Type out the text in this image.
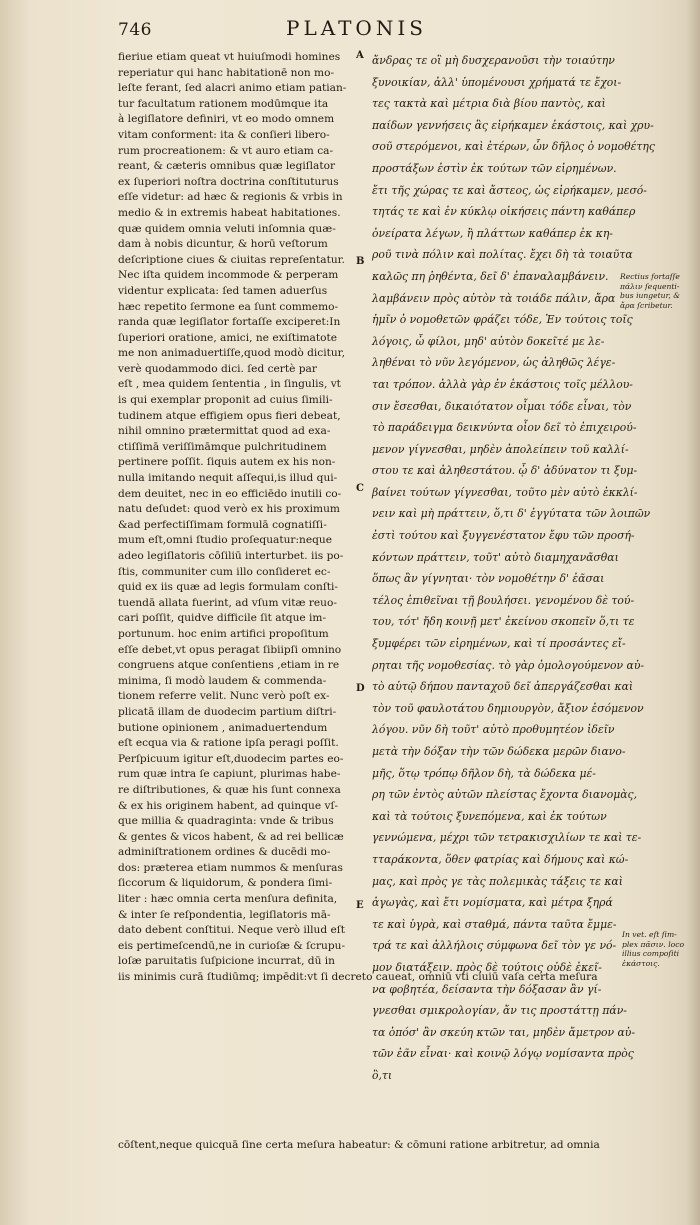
746	PLATONIS
fieriue etiam queat vt huiuſmodi homines
reperiatur qui hanc habitationē non mo-
leſte ferant, ſed alacri animo etiam patian-
tur facultatum rationem modūmque ita
à legiſlatore definiri, vt eo modo omnem
vitam conforment: ita & conſieri libero-
rum procreationem: & vt auro etiam ca-
reant, & cæteris omnibus quæ legiſlator
ex ſuperiori noſtra doctrina conſtituturus
eſſe videtur: ad hæc & regionis & vrbis in
medio & in extremis habeat habitationes.
quæ quidem omnia veluti inſomnia quæ-
dam à nobis dicuntur, & horū veſtorum
deſcriptione ciues & ciuitas repreſentatur.
Nec iſta quidem incommode & perperam
videntur explicata: ſed tamen aduerſus
hæc repetito ſermone ea ſunt commemo-
randa quæ legiſlator fortaſſe exciperet:In
ſuperiori oratione, amici, ne exiſtimatote
me non animaduertiſſe,quod modò dicitur,
verè quodammodo dici. ſed certè par
eſt , mea quidem ſententia , in ſingulis, vt
is qui exemplar proponit ad cuius ſimili-
tudinem atque effigiem opus fieri debeat,
nihil omnino prætermittat quod ad exa-
ctiſſimā veriſſimāmque pulchritudinem
pertinere poſſit. ſiquis autem ex his non-
nulla imitando nequit aſſequi,is illud qui-
dem deuitet, nec in eo efficiēdo inutili co-
natu deſudet: quod verò ex his proximum
&ad perfectiſſimam formulā cognatiſſi-
mum eſt,omni ſtudio proſequatur:neque
adeo legiſlatoris cōſiliū interturbet. iis po-
ſtis, communiter cum illo conſideret ec-
quid ex iis quæ ad legis formulam conſti-
tuendā allata fuerint, ad vſum vitæ reuo-
cari poſſit, quidve difficile ſit atque im-
portunum. hoc enim artifici propoſitum
eſſe debet,vt opus peragat ſibiipſi omnino
congruens atque conſentiens ,etiam in re
minima, ſi modò laudem & commenda-
tionem referre velit. Nunc verò poſt ex-
plicatā illam de duodecim partium diſtri-
butione opinionem , animaduertendum
eſt ecqua via & ratione ipſa peragi poſſit.
Perſpicuum igitur eſt,duodecim partes eo-
rum quæ intra ſe capiunt, plurimas habe-
re diſtributiones, & quæ his ſunt connexa
& ex his originem habent, ad quinque vſ-
que millia & quadraginta: vnde & tribus
& gentes & vicos habent, & ad rei bellicæ
adminiſtrationem ordines & ducēdi mo-
dos: præterea etiam nummos & menſuras
ſiccorum & liquidorum, & pondera ſimi-
liter : hæc omnia certa menſura definita,
& inter ſe reſpondentia, legiſlatoris mā-
dato debent conſtitui. Neque verò illud eſt
eis pertimeſcendū,ne in curioſæ & ſcrupu-
loſæ paruitatis ſuſpicione incurrat, dū in
iis minimis curā ſtudiūmq; impēdit:vt ſi decreto caueat, omniū vti ciuiū vaſa certa meſura
A
B
C
D
E
ἄνδρας τε οἳ μὴ δυσχερανοῦσι τὴν τοιαύτην
ξυνοικίαν, ἀλλ' ὑπομένουσι χρήματά τε ἔχοι-
τες τακτὰ καὶ μέτρια διὰ βίου παντὸς, καὶ
παίδων γεννήσεις ἃς εἰρήκαμεν ἑκάστοις, καὶ χρυ-
σοῦ στερόμενοι, καὶ ἑτέρων, ὧν δῆλος ὁ νομοθέτης
προστάξων ἐστὶν ἐκ τούτων τῶν εἰρημένων.
ἔτι τῆς χώρας τε καὶ ἄστεος, ὡς εἰρήκαμεν, μεσό-
τητάς τε καὶ ἐν κύκλῳ οἰκήσεις πάντη καθάπερ
ὀνείρατα λέγων, ἢ πλάττων καθάπερ ἐκ κη-
ροῦ τινὰ πόλιν καὶ πολίτας. ἔχει δὴ τὰ τοιαῦτα
καλῶς πη ῥηθέντα, δεῖ δ' ἐπαναλαμβάνειν.
λαμβάνειν πρὸς αὑτὸν τὰ τοιάδε πάλιν, ἄρα
ἡμῖν ὁ νομοθετῶν φράζει τόδε, Ἐν τούτοις τοῖς
λόγοις, ὦ φίλοι, μηδ' αὐτὸν δοκεῖτέ με λε-
ληθέναι τὸ νῦν λεγόμενον, ὡς ἀληθῶς λέγε-
ται τρόπον. ἀλλὰ γὰρ ἐν ἑκάστοις τοῖς μέλλου-
σιν ἔσεσθαι, δικαιότατον οἶμαι τόδε εἶναι, τὸν
τὸ παράδειγμα δεικνύντα οἷον δεῖ τὸ ἐπιχειρού-
μενον γίγνεσθαι, μηδὲν ἀπολείπειν τοῦ καλλί-
στου τε καὶ ἀληθεστάτου. ᾧ δ' ἀδύνατον τι ξυμ-
βαίνει τούτων γίγνεσθαι, τοῦτο μὲν αὐτὸ ἐκκλί-
νειν καὶ μὴ πράττειν, ὅ,τι δ' ἐγγύτατα τῶν λοιπῶν
ἐστὶ τούτου καὶ ξυγγενέστατον ἔφυ τῶν προσή-
κόντων πράττειν, τοῦτ' αὐτὸ διαμηχανᾶσθαι
ὅπως ἂν γίγνηται· τὸν νομοθέτην δ' ἐᾶσαι
τέλος ἐπιθεῖναι τῇ βουλήσει. γενομένου δὲ τού-
του, τότ' ἤδη κοινῇ μετ' ἐκείνου σκοπεῖν ὅ,τι τε
ξυμφέρει τῶν εἰρημένων, καὶ τί προσάντες εἴ-
ρηται τῆς νομοθεσίας. τὸ γὰρ ὁμολογούμενον αὐ-
τὸ αὑτῷ δήπου πανταχοῦ δεῖ ἀπεργάζεσθαι καὶ
τὸν τοῦ φαυλοτάτου δημιουργὸν, ἄξιον ἐσόμενον
λόγου. νῦν δὴ τοῦτ' αὐτὸ προθυμητέον ἰδεῖν
μετὰ τὴν δόξαν τὴν τῶν δώδεκα μερῶν διανο-
μῆς, ὅτῳ τρόπῳ δῆλον δὴ, τὰ δώδεκα μέ-
ρη τῶν ἐντὸς αὐτῶν πλείστας ἔχοντα διανομὰς,
καὶ τὰ τούτοις ξυνεπόμενα, καὶ ἐκ τούτων
γεννώμενα, μέχρι τῶν τετρακισχιλίων τε καὶ τε-
τταράκοντα, ὅθεν φατρίας καὶ δήμους καὶ κώ-
μας, καὶ πρὸς γε τὰς πολεμικὰς τάξεις τε καὶ
ἀγωγὰς, καὶ ἔτι νομίσματα, καὶ μέτρα ξηρά
τε καὶ ὑγρὰ, καὶ σταθμά, πάντα ταῦτα ἔμμε-
τρά τε καὶ ἀλλήλοις σύμφωνα δεῖ τὸν γε νό-
μον διατάξειν. πρὸς δὲ τούτοις οὐδὲ ἐκεῖ-
να φοβητέα, δείσαντα τὴν δόξασαν ἂν γί-
γνεσθαι σμικρολογίαν, ἄν τις προστάττῃ πάν-
τα ὁπόσ' ἂν σκεύη κτῶν ται, μηδὲν ἄμετρον αὐ-
τῶν ἐᾶν εἶναι· καὶ κοινῷ λόγῳ νομίσαντα πρὸς
ὃ,τι
Rectius fortaſſe
πάλιν ſequenti-
bus iungetur, &
ἄρα ſcribetur.
In vet. eſt ſim-
plex πᾶσιν. loco
illius compoſiti
ἑκάστοις.
cōſtent,neque quicquā ſine certa meſura habeatur: & cōmuni ratione arbitretur, ad omnia
